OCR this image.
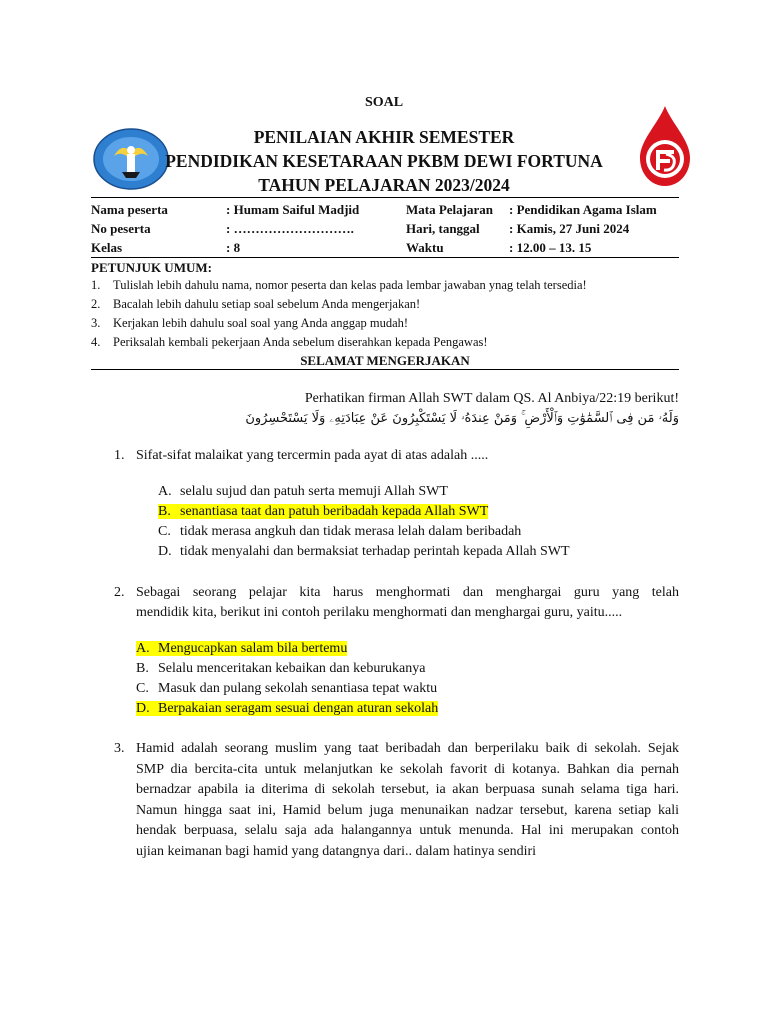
SOAL
PENILAIAN AKHIR SEMESTER
PENDIDIKAN KESETARAAN PKBM DEWI FORTUNA
TAHUN PELAJARAN 2023/2024
Nama peserta
No peserta
Kelas
: Humam Saiful Madjid
: ……………………….
: 8
Mata Pelajaran
Hari, tanggal
Waktu
: Pendidikan Agama Islam
: Kamis, 27 Juni 2024
: 12.00 – 13. 15
PETUNJUK UMUM:
1. Tulislah lebih dahulu nama, nomor peserta dan kelas pada lembar jawaban ynag telah tersedia!
2. Bacalah lebih dahulu setiap soal sebelum Anda mengerjakan!
3. Kerjakan lebih dahulu soal soal yang Anda anggap mudah!
4. Periksalah kembali pekerjaan Anda sebelum diserahkan kepada Pengawas!
SELAMAT MENGERJAKAN
Perhatikan firman Allah SWT dalam QS. Al Anbiya/22:19 berikut!
وَلَهُۥ مَن فِى ٱلسَّمَٰوَٰتِ وَٱلْأَرْضِ ۚ وَمَنْ عِندَهُۥ لَا يَسْتَكْبِرُونَ عَنْ عِبَادَتِهِۦ وَلَا يَسْتَحْسِرُونَ
1. Sifat-sifat malaikat yang tercermin pada ayat di atas adalah .....
A. selalu sujud dan patuh serta memuji Allah SWT
B. senantiasa taat dan patuh beribadah kepada Allah SWT
C. tidak merasa angkuh dan tidak merasa lelah dalam beribadah
D. tidak menyalahi dan bermaksiat terhadap perintah kepada Allah SWT
2. Sebagai seorang pelajar kita harus menghormati dan menghargai guru yang telah
mendidik kita, berikut ini contoh perilaku menghormati dan menghargai guru, yaitu.....
A. Mengucapkan salam bila bertemu
B. Selalu menceritakan kebaikan dan keburukanya
C. Masuk dan pulang sekolah senantiasa tepat waktu
D. Berpakaian seragam sesuai dengan aturan sekolah
3. Hamid adalah seorang muslim yang taat beribadah dan berperilaku baik di sekolah. Sejak
SMP dia bercita-cita untuk melanjutkan ke sekolah favorit di kotanya. Bahkan dia pernah
bernadzar apabila ia diterima di sekolah tersebut, ia akan berpuasa sunah selama tiga hari.
Namun hingga saat ini, Hamid belum juga menunaikan nadzar tersebut, karena setiap kali
hendak berpuasa, selalu saja ada halangannya untuk menunda. Hal ini merupakan contoh
ujian keimanan bagi hamid yang datangnya dari.. dalam hatinya sendiri
